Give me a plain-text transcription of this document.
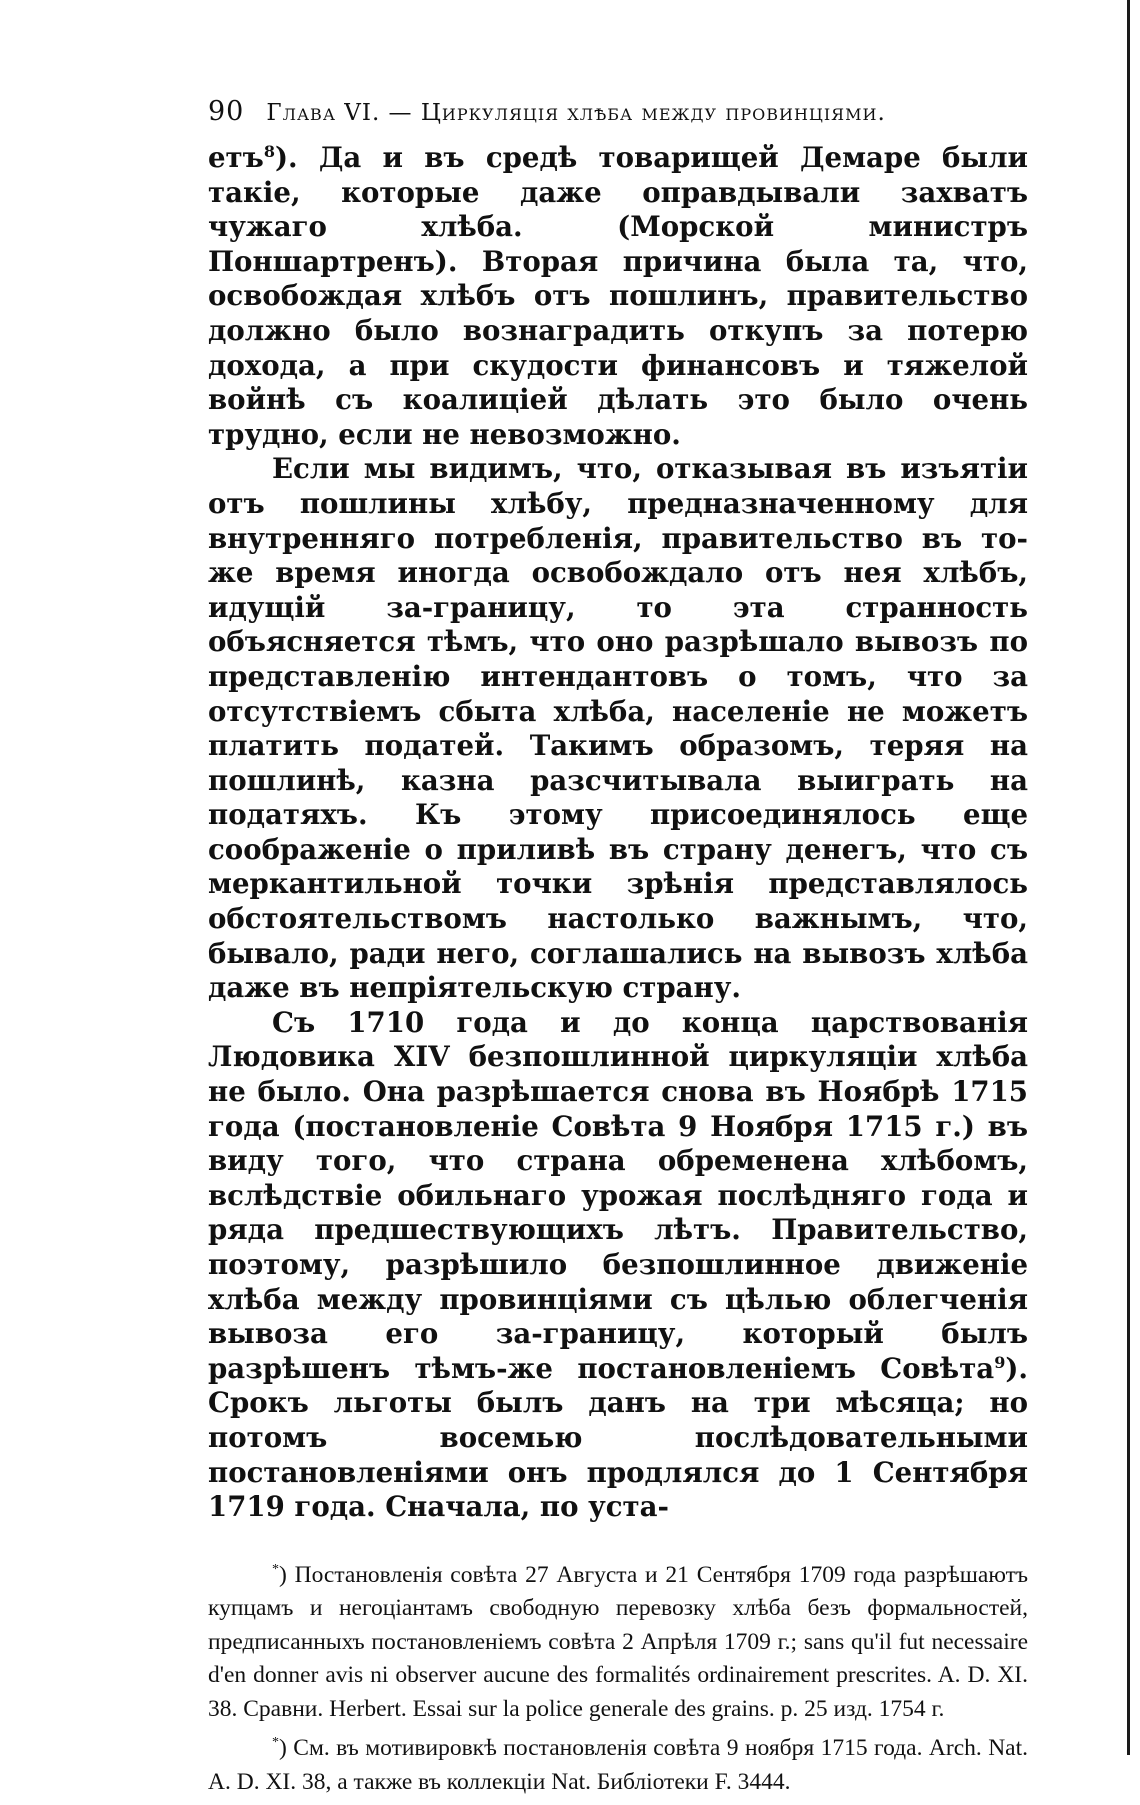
90 Глава VI. — Циркуляція хлѣба между провинціями.

етъ$^8$). Да и въ средѣ товарищей Демаре были такіе, которые даже оправдывали захватъ чужаго хлѣба. (Морской министръ Поншартренъ). Вторая причина была та, что, освобождая хлѣбъ отъ пошлинъ, правительство должно было вознаградить откупъ за потерю дохода, а при скудости финансовъ и тяжелой войнѣ съ коалиціей дѣлать это было очень трудно, если не невозможно.

Если мы видимъ, что, отказывая въ изъятіи отъ пошлины хлѣбу, предназначенному для внутренняго потребленія, правительство въ то-же время иногда освобождало отъ нея хлѣбъ, идущій за-границу, то эта странность объясняется тѣмъ, что оно разрѣшало вывозъ по представленію интендантовъ о томъ, что за отсутствіемъ сбыта хлѣба, населеніе не можетъ платить податей. Такимъ образомъ, теряя на пошлинѣ, казна разсчитывала выиграть на податяхъ. Къ этому присоединялось еще соображеніе о приливѣ въ страну денегъ, что съ меркантильной точки зрѣнія представлялось обстоятельствомъ настолько важнымъ, что, бывало, ради него, соглашались на вывозъ хлѣба даже въ непріятельскую страну.

Съ 1710 года и до конца царствованія Людовика XIV безпошлинной циркуляціи хлѣба не было. Она разрѣшается снова въ Ноябрѣ 1715 года (постановленіе Совѣта 9 Ноября 1715 г.) въ виду того, что страна обременена хлѣбомъ, вслѣдствіе обильнаго урожая послѣдняго года и ряда предшествующихъ лѣтъ. Правительство, поэтому, разрѣшило безпошлинное движеніе хлѣба между провинціями съ цѣлью облегченія вывоза его за-границу, который былъ разрѣшенъ тѣмъ-же постановленіемъ Совѣта$^9$). Срокъ льготы былъ данъ на три мѣсяца; но потомъ восемью послѣдовательными постановленіями онъ продлялся до 1 Сентября 1719 года. Сначала, по уста-

*) Постановленія совѣта 27 Августа и 21 Сентября 1709 года разрѣшаютъ купцамъ и негоціантамъ свободную перевозку хлѣба безъ формальностей, предписанныхъ постановленіемъ совѣта 2 Апрѣля 1709 г.; sans qu'il fut necessaire d'en donner avis ni observer aucune des formalités ordinairement prescrites. A. D. XI. 38. Сравни. Herbert. Essai sur la police generale des grains. p. 25 изд. 1754 г.

*) См. въ мотивировкѣ постановленія совѣта 9 ноября 1715 года. Arch. Nat. A. D. XI. 38, а также въ коллекціи Nat. Библіотеки F. 3444.
